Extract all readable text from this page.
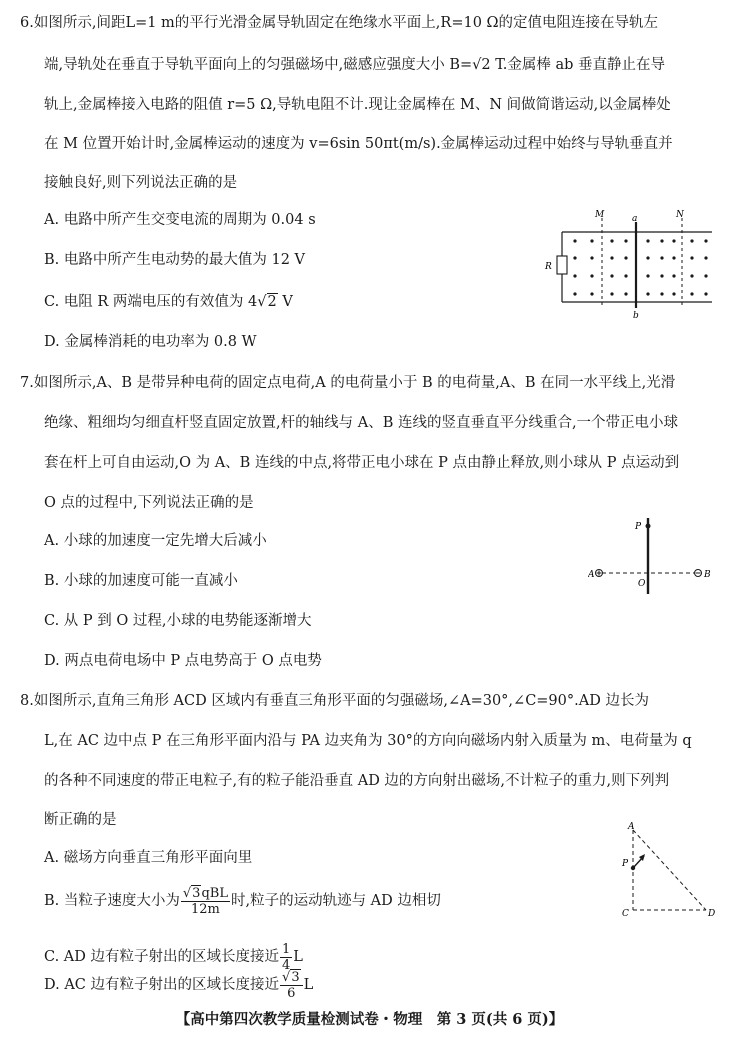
6.如图所示,间距L=1 m的平行光滑金属导轨固定在绝缘水平面上,R=10 Ω的定值电阻连接在导轨左
端,导轨处在垂直于导轨平面向上的匀强磁场中,磁感应强度大小 B=√2 T.金属棒 ab 垂直静止在导
轨上,金属棒接入电路的阻值 r=5 Ω,导轨电阻不计.现让金属棒在 M、N 间做简谐运动,以金属棒处
在 M 位置开始计时,金属棒运动的速度为 v=6sin 50πt(m/s).金属棒运动过程中始终与导轨垂直并
接触良好,则下列说法正确的是
A. 电路中所产生交变电流的周期为 0.04 s
B. 电路中所产生电动势的最大值为 12 V
C. 电阻 R 两端电压的有效值为 4√2 V
D. 金属棒消耗的电功率为 0.8 W
M	a	N
R
b
7.如图所示,A、B 是带异种电荷的固定点电荷,A 的电荷量小于 B 的电荷量,A、B 在同一水平线上,光滑
绝缘、粗细均匀细直杆竖直固定放置,杆的轴线与 A、B 连线的竖直垂直平分线重合,一个带正电小球
套在杆上可自由运动,O 为 A、B 连线的中点,将带正电小球在 P 点由静止释放,则小球从 P 点运动到
O 点的过程中,下列说法正确的是
A. 小球的加速度一定先增大后减小
B. 小球的加速度可能一直减小
C. 从 P 到 O 过程,小球的电势能逐渐增大
D. 两点电荷电场中 P 点电势高于 O 点电势
P
A
O
B
8.如图所示,直角三角形 ACD 区域内有垂直三角形平面的匀强磁场,∠A=30°,∠C=90°.AD 边长为
L,在 AC 边中点 P 在三角形平面内沿与 PA 边夹角为 30°的方向向磁场内射入质量为 m、电荷量为 q
的各种不同速度的带正电粒子,有的粒子能沿垂直 AD 边的方向射出磁场,不计粒子的重力,则下列判
断正确的是
A. 磁场方向垂直三角形平面向里
B. 当粒子速度大小为 $\frac{\text{√3qBL}}{12m}$ 时,粒子的运动轨迹与 AD 边相切
C. AD 边有粒子射出的区域长度接近 $\frac{1}{4}$ L
D. AC 边有粒子射出的区域长度接近 $\frac{√3}{6}$ L
A
P
C	D
【高中第四次教学质量检测试卷・物理　第 3 页(共 6 页)】
